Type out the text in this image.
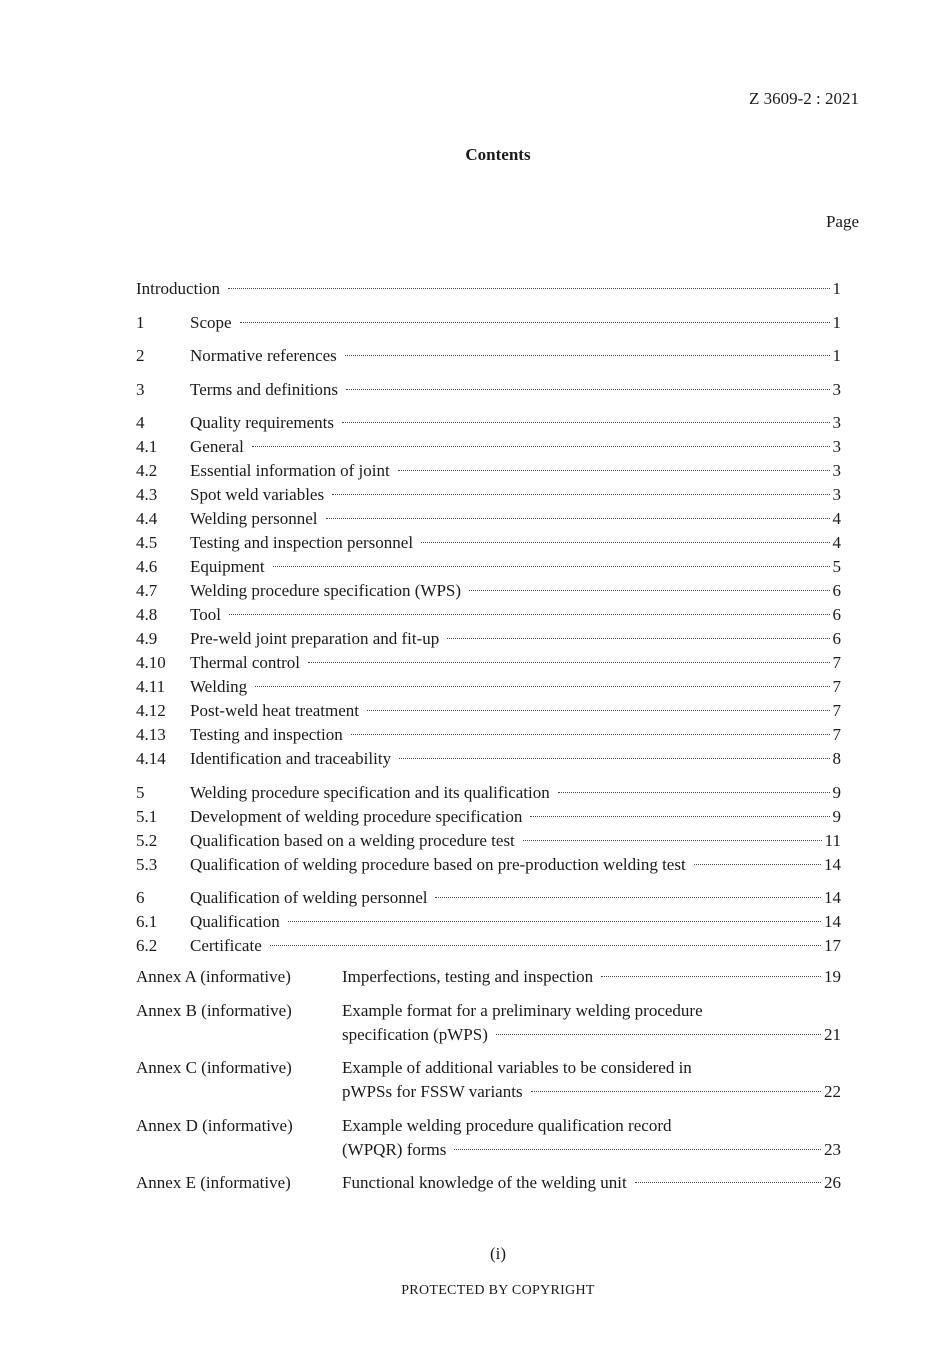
Z 3609-2 : 2021
Contents
Page
Introduction	1
1	Scope	1
2	Normative references	1
3	Terms and definitions	3
4	Quality requirements	3
4.1 General	3
4.2 Essential information of joint	3
4.3 Spot weld variables	3
4.4 Welding personnel	4
4.5 Testing and inspection personnel	4
4.6 Equipment	5
4.7 Welding procedure specification (WPS)	6
4.8 Tool	6
4.9 Pre-weld joint preparation and fit-up	6
4.10 Thermal control	7
4.11 Welding	7
4.12 Post-weld heat treatment	7
4.13 Testing and inspection	7
4.14 Identification and traceability	8
5	Welding procedure specification and its qualification	9
5.1 Development of welding procedure specification	9
5.2 Qualification based on a welding procedure test	11
5.3 Qualification of welding procedure based on pre-production welding test	14
6	Qualification of welding personnel	14
6.1 Qualification	14
6.2 Certificate	17
Annex A (informative)	Imperfections, testing and inspection	19
Annex B (informative)	Example format for a preliminary welding procedure
specification (pWPS)	21
Annex C (informative)	Example of additional variables to be considered in
pWPSs for FSSW variants	22
Annex D (informative)	Example welding procedure qualification record
(WPQR) forms	23
Annex E (informative)	Functional knowledge of the welding unit	26
(i)
PROTECTED BY COPYRIGHT
